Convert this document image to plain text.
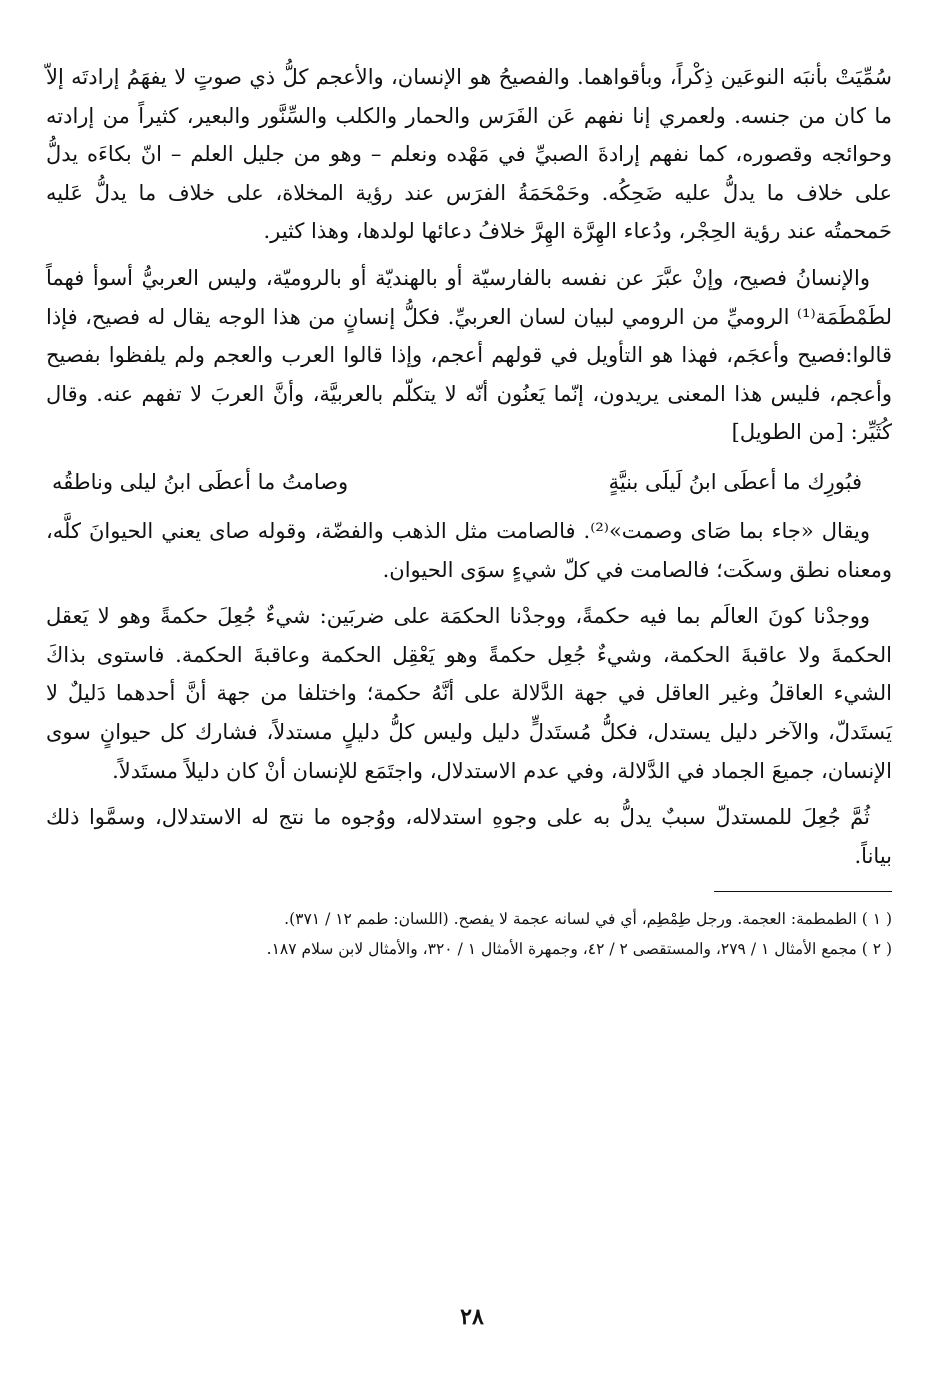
سُمِّيَتْ بأنبَه النوعَين ذِكْراً، وبأقواهما. والفصيحُ هو الإنسان، والأعجم كلُّ ذي صوتٍ لا يفهَمُ إرادتَه إلاّ ما كان من جنسه. ولعمري إنا نفهم عَن الفَرَس والحمار والكلب والسِّنَّور والبعير، كثيراً من إرادته وحوائجه وقصوره، كما نفهم إرادةَ الصبيِّ في مَهْده ونعلم – وهو من جليل العلم – انّ بكاءَه يدلُّ على خلاف ما يدلُّ عليه ضَحِكُه. وحَمْحَمَةُ الفرَس عند رؤية المخلاة، على خلاف ما يدلُّ عَليه حَمحمتُه عند رؤية الحِجْر، ودُعاء الهِرَّة الهِرَّ خلافُ دعائها لولدها، وهذا كثير.

والإنسانُ فصيح، وإنْ عبَّرَ عن نفسه بالفارسيّة أو بالهنديّة أو بالروميّة، وليس العربيُّ أسوأ فهماً لطَمْطَمَة⁽¹⁾ الروميِّ من الرومي لبيان لسان العربيِّ. فكلُّ إنسانٍ من هذا الوجه يقال له فصيح، فإذا قالوا:فصيح وأعجَم، فهذا هو التأويل في قولهم أعجم، وإذا قالوا العرب والعجم ولم يلفظوا بفصيح وأعجم، فليس هذا المعنى يريدون، إنّما يَعنُون أنّه لا يتكلّم بالعربيَّة، وأنَّ العربَ لا تفهم عنه. وقال كُثَيِّر: [من الطويل]

فبُورِك ما أعطَى ابنُ لَيلَى بنيَّةٍ
وصامتُ ما أعطَى ابنُ ليلى وناطقُه

ويقال «جاء بما صَاى وصمت»⁽²⁾. فالصامت مثل الذهب والفضّة، وقوله صاى يعني الحيوانَ كلَّه، ومعناه نطق وسكَت؛ فالصامت في كلّ شيءٍ سوَى الحيوان.

ووجدْنا كونَ العالَم بما فيه حكمةً، ووجدْنا الحكمَة على ضربَين: شيءٌ جُعِلَ حكمةً وهو لا يَعقل الحكمةَ ولا عاقبةَ الحكمة، وشيءٌ جُعِل حكمةً وهو يَعْقِل الحكمة وعاقبةَ الحكمة. فاستوى بذاكَ الشيء العاقلُ وغير العاقل في جهة الدَّلالة على أنَّهُ حكمة؛ واختلفا من جهة أنَّ أحدهما دَليلٌ لا يَستَدلّ، والآخر دليل يستدل، فكلُّ مُستَدلٍّ دليل وليس كلُّ دليلٍ مستدلاً، فشارك كل حيوانٍ سوى الإنسان، جميعَ الجماد في الدَّلالة، وفي عدم الاستدلال، واجتَمَع للإنسان أنْ كان دليلاً مستَدلاً.

ثُمَّ جُعِلَ للمستدلّ سببٌ يدلُّ به على وجوهِ استدلاله، ووُجوه ما نتج له الاستدلال، وسمَّوا ذلك بياناً.

( ١ ) الطمطمة: العجمة. ورجل طِمْطِم، أي في لسانه عجمة لا يفصح. (اللسان: طمم ١٢ / ٣٧١).

( ٢ ) مجمع الأمثال ١ / ٢٧٩، والمستقصى ٢ / ٤٢، وجمهرة الأمثال ١ / ٣٢٠، والأمثال لابن سلام ١٨٧.

٢٨
